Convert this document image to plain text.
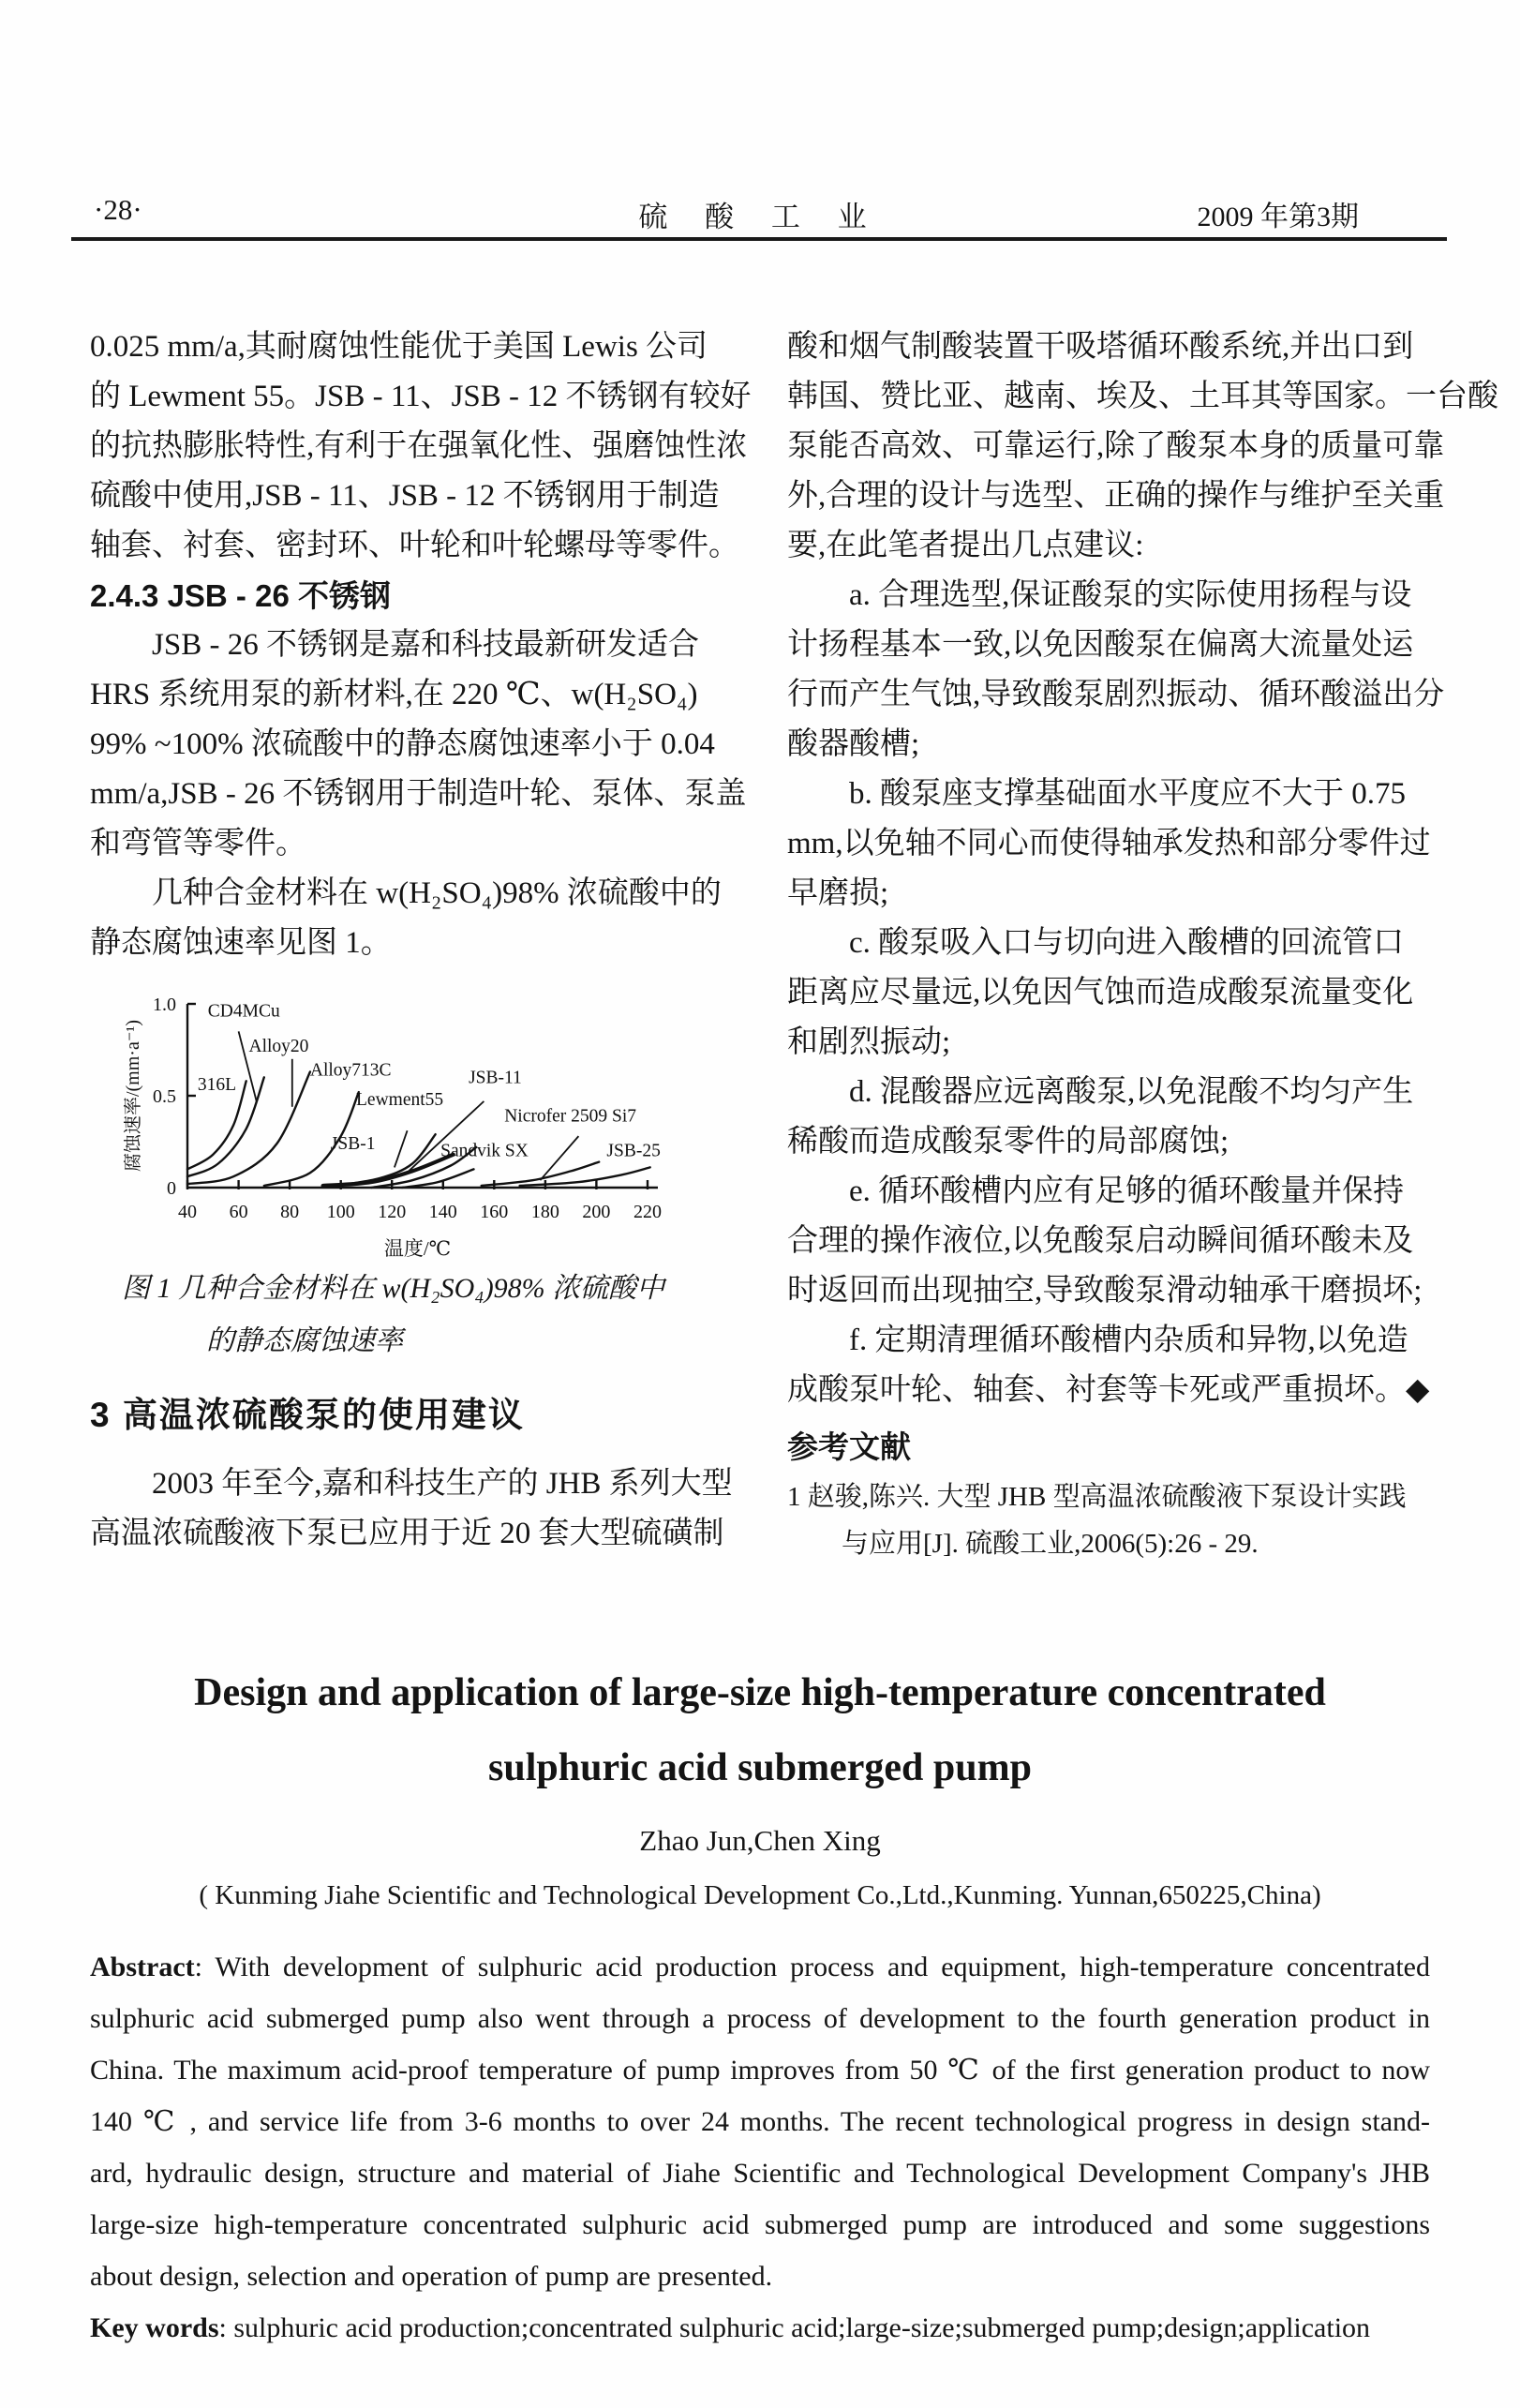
·28·	硫 酸 工 业	2009 年第3期
0.025 mm/a,其耐腐蚀性能优于美国 Lewis 公司
的 Lewment 55。JSB - 11、JSB - 12 不锈钢有较好
的抗热膨胀特性,有利于在强氧化性、强磨蚀性浓
硫酸中使用,JSB - 11、JSB - 12 不锈钢用于制造
轴套、衬套、密封环、叶轮和叶轮螺母等零件。
2.4.3 JSB - 26 不锈钢
JSB - 26 不锈钢是嘉和科技最新研发适合
HRS 系统用泵的新材料,在 220 ℃、w(H₂SO₄)
99% ~100% 浓硫酸中的静态腐蚀速率小于 0.04
mm/a,JSB - 26 不锈钢用于制造叶轮、泵体、泵盖
和弯管等零件。
几种合金材料在 w(H₂SO₄)98% 浓硫酸中的
静态腐蚀速率见图 1。
40 60 80 100 120 140 160 180 200 220
0
0.5
1.0
温度/℃
腐蚀速率/(mm·a⁻¹)	316L
CD4MCu
Alloy20
Alloy713C
Lewment55
JSB-1
JSB-11
Sandvik SX
Nicrofer 2509 Si7
JSB-25
图 1 几种合金材料在 w(H₂SO₄)98% 浓硫酸中
的静态腐蚀速率
3 高温浓硫酸泵的使用建议
2003 年至今,嘉和科技生产的 JHB 系列大型
高温浓硫酸液下泵已应用于近 20 套大型硫磺制
酸和烟气制酸装置干吸塔循环酸系统,并出口到
韩国、赞比亚、越南、埃及、土耳其等国家。一台酸
泵能否高效、可靠运行,除了酸泵本身的质量可靠
外,合理的设计与选型、正确的操作与维护至关重
要,在此笔者提出几点建议:
a. 合理选型,保证酸泵的实际使用扬程与设
计扬程基本一致,以免因酸泵在偏离大流量处运
行而产生气蚀,导致酸泵剧烈振动、循环酸溢出分
酸器酸槽;
b. 酸泵座支撑基础面水平度应不大于 0.75
mm,以免轴不同心而使得轴承发热和部分零件过
早磨损;
c. 酸泵吸入口与切向进入酸槽的回流管口
距离应尽量远,以免因气蚀而造成酸泵流量变化
和剧烈振动;
d. 混酸器应远离酸泵,以免混酸不均匀产生
稀酸而造成酸泵零件的局部腐蚀;
e. 循环酸槽内应有足够的循环酸量并保持
合理的操作液位,以免酸泵启动瞬间循环酸未及
时返回而出现抽空,导致酸泵滑动轴承干磨损坏;
f. 定期清理循环酸槽内杂质和异物,以免造
成酸泵叶轮、轴套、衬套等卡死或严重损坏。◆
参考文献
1 赵骏,陈兴. 大型 JHB 型高温浓硫酸液下泵设计实践
与应用[J]. 硫酸工业,2006(5):26 - 29.
Design and application of large-size high-temperature concentrated
sulphuric acid submerged pump
Zhao Jun,Chen Xing
( Kunming Jiahe Scientific and Technological Development Co.,Ltd.,Kunming. Yunnan,650225,China)
Abstract: With development of sulphuric acid production process and equipment, high-temperature concentrated
sulphuric acid submerged pump also went through a process of development to the fourth generation product in
China. The maximum acid-proof temperature of pump improves from 50 ℃ of the first generation product to now
140 ℃ , and service life from 3-6 months to over 24 months. The recent technological progress in design stand-
ard, hydraulic design, structure and material of Jiahe Scientific and Technological Development Company's JHB
large-size high-temperature concentrated sulphuric acid submerged pump are introduced and some suggestions
about design, selection and operation of pump are presented.
Key words: sulphuric acid production;concentrated sulphuric acid;large-size;submerged pump;design;application
